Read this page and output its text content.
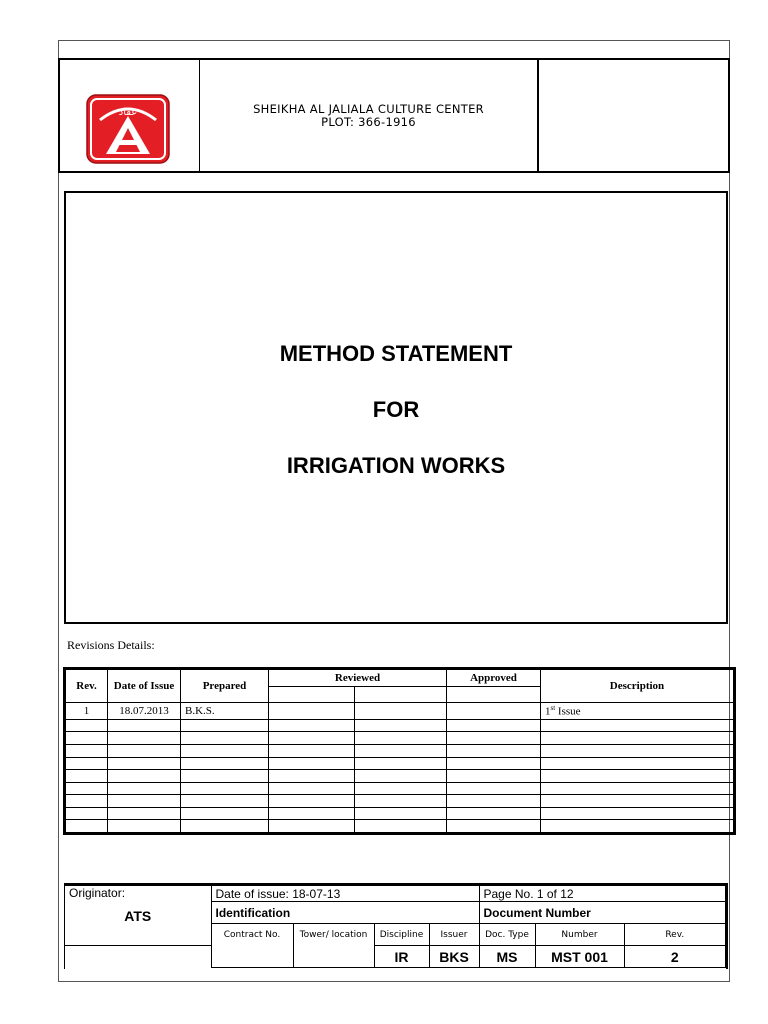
عقاد	SHEIKHA AL JALIALA CULTURE CENTER
PLOT: 366-1916
METHOD STATEMENT
FOR
IRRIGATION WORKS
Revisions Details:
Rev.	Date of Issue	Prepared	Reviewed		Approved	Description

1	18.07.2013	B.K.S.				1st Issue

Originator:
ATS	Date of issue: 18-07-13				Page No. 1 of 12		
	Identification				Document Number		
	Contract No.	Tower/ location	Discipline	Issuer	Doc. Type	Number	Rev.
			IR	BKS	MS	MST 001	2
